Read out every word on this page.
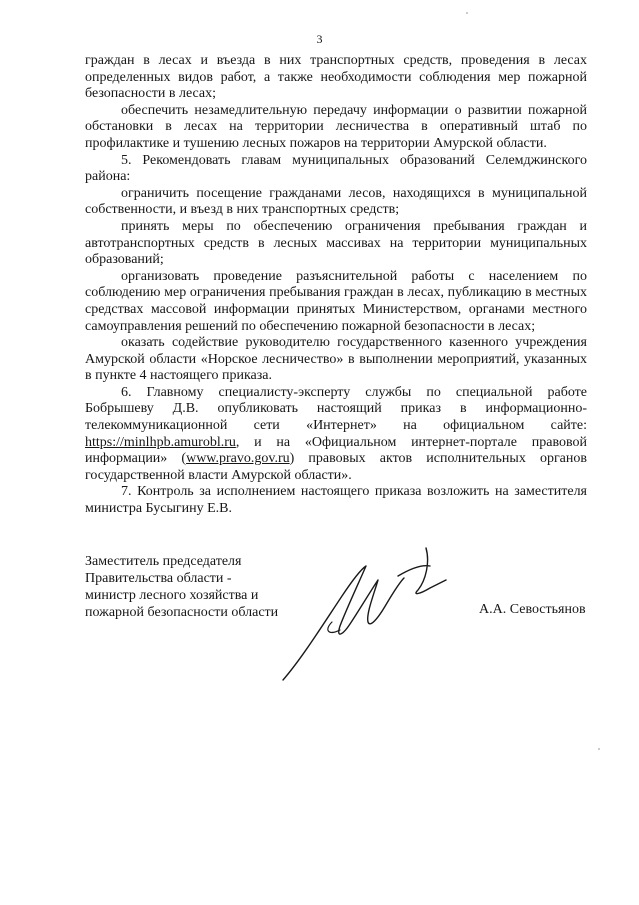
3

граждан в лесах и въезда в них транспортных средств, проведения в лесах определенных видов работ, а также необходимости соблюдения мер пожарной безопасности в лесах;

обеспечить незамедлительную передачу информации о развитии пожарной обстановки в лесах на территории лесничества в оперативный штаб по профилактике и тушению лесных пожаров на территории Амурской области.

5. Рекомендовать главам муниципальных образований Селемджинского района:

ограничить посещение гражданами лесов, находящихся в муниципальной собственности, и въезд в них транспортных средств;

принять меры по обеспечению ограничения пребывания граждан и автотранспортных средств в лесных массивах на территории муниципальных образований;

организовать проведение разъяснительной работы с населением по соблюдению мер ограничения пребывания граждан в лесах, публикацию в местных средствах массовой информации принятых Министерством, органами местного самоуправления решений по обеспечению пожарной безопасности в лесах;

оказать содействие руководителю государственного казенного учреждения Амурской области «Норское лесничество» в выполнении мероприятий, указанных в пункте 4 настоящего приказа.

6. Главному специалисту-эксперту службы по специальной работе Бобрышеву Д.В. опубликовать настоящий приказ в информационно-телекоммуникационной сети «Интернет» на официальном сайте: https://minlhpb.amurobl.ru, и на «Официальном интернет-портале правовой информации» (www.pravo.gov.ru) правовых актов исполнительных органов государственной власти Амурской области».

7. Контроль за исполнением настоящего приказа возложить на заместителя министра Бусыгину Е.В.

Заместитель председателя
Правительства области -
министр лесного хозяйства и
пожарной безопасности области	А.А. Севостьянов
